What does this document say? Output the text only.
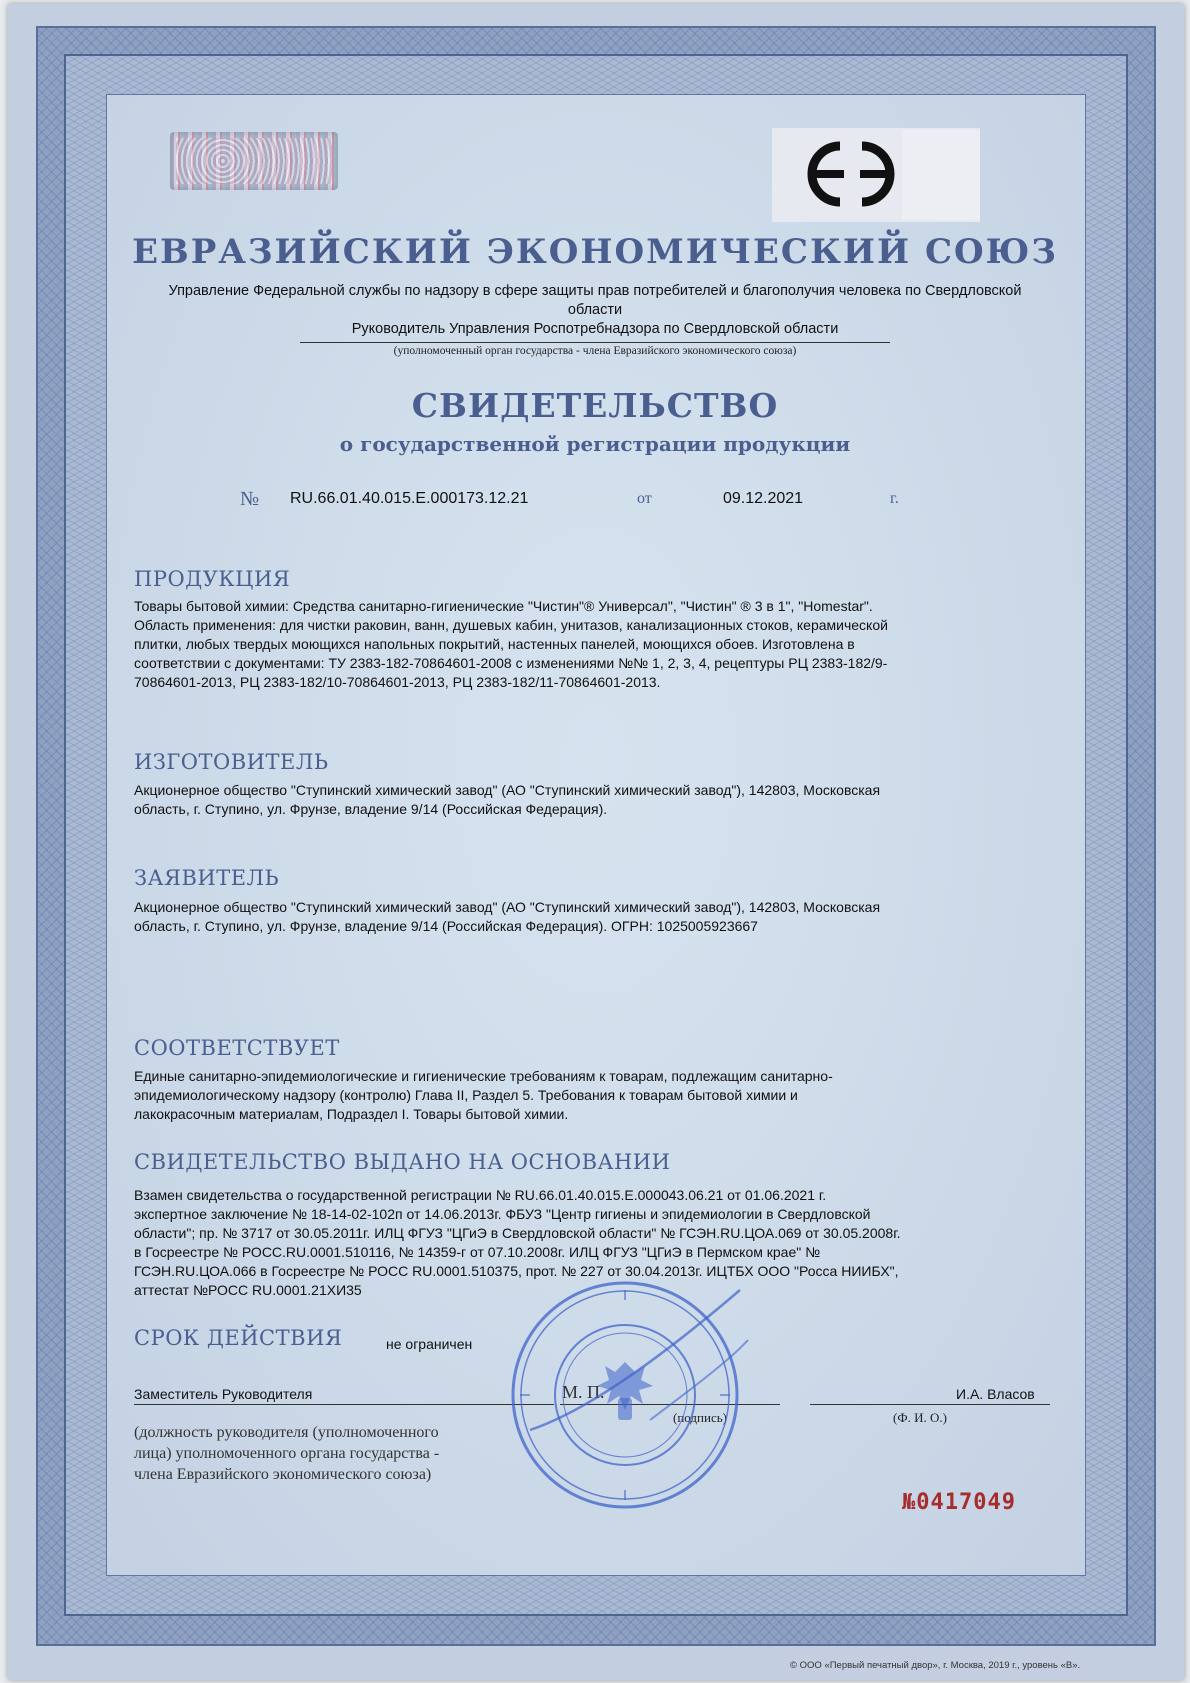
ЕВРАЗИЙСКИЙ ЭКОНОМИЧЕСКИЙ СОЮЗ
Управление Федеральной службы по надзору в сфере защиты прав потребителей и благополучия человека по Свердловской области
Руководитель Управления Роспотребнадзора по Свердловской области
(уполномоченный орган государства - члена Евразийского экономического союза)
СВИДЕТЕЛЬСТВО
о государственной регистрации продукции
№ RU.66.01.40.015.Е.000173.12.21	от	09.12.2021	г.
ПРОДУКЦИЯ
Товары бытовой химии: Средства санитарно-гигиенические "Чистин"® Универсал", "Чистин" ® 3 в 1", "Homestar".
Область применения: для чистки раковин, ванн, душевых кабин, унитазов, канализационных стоков, керамической
плитки, любых твердых моющихся напольных покрытий, настенных панелей, моющихся обоев. Изготовлена в
соответствии с документами: ТУ 2383-182-70864601-2008 с изменениями №№ 1, 2, 3, 4, рецептуры РЦ 2383-182/9-
70864601-2013, РЦ 2383-182/10-70864601-2013, РЦ 2383-182/11-70864601-2013.
ИЗГОТОВИТЕЛЬ
Акционерное общество "Ступинский химический завод" (АО "Ступинский химический завод"), 142803, Московская
область, г. Ступино, ул. Фрунзе, владение 9/14 (Российская Федерация).
ЗАЯВИТЕЛЬ
Акционерное общество "Ступинский химический завод" (АО "Ступинский химический завод"), 142803, Московская
область, г. Ступино, ул. Фрунзе, владение 9/14 (Российская Федерация). ОГРН: 1025005923667
СООТВЕТСТВУЕТ
Единые санитарно-эпидемиологические и гигиенические требованиям к товарам, подлежащим санитарно-
эпидемиологическому надзору (контролю) Глава II, Раздел 5. Требования к товарам бытовой химии и
лакокрасочным материалам, Подраздел I. Товары бытовой химии.
СВИДЕТЕЛЬСТВО ВЫДАНО НА ОСНОВАНИИ
Взамен свидетельства о государственной регистрации № RU.66.01.40.015.Е.000043.06.21 от 01.06.2021 г.
экспертное заключение № 18-14-02-102п от 14.06.2013г. ФБУЗ "Центр гигиены и эпидемиологии в Свердловской
области"; пр. № 3717 от 30.05.2011г. ИЛЦ ФГУЗ "ЦГиЭ в Свердловской области" № ГСЭН.RU.ЦОА.069 от 30.05.2008г.
в Госреестре № РОСС.RU.0001.510116, № 14359-г от 07.10.2008г. ИЛЦ ФГУЗ "ЦГиЭ в Пермском крае" №
ГСЭН.RU.ЦОА.066 в Госреестре № РОСС RU.0001.510375, прот. № 227 от 30.04.2013г. ИЦТБХ ООО "Росса НИИБХ",
аттестат №РОСС RU.0001.21ХИ35
СРОК ДЕЙСТВИЯ	не ограничен
Заместитель Руководителя	М. П.
(подпись)
И.А. Власов
(Ф. И. О.)
(должность руководителя (уполномоченного
лица) уполномоченного органа государства -
члена Евразийского экономического союза)
№0417049
© ООО «Первый печатный двор», г. Москва, 2019 г., уровень «В».
